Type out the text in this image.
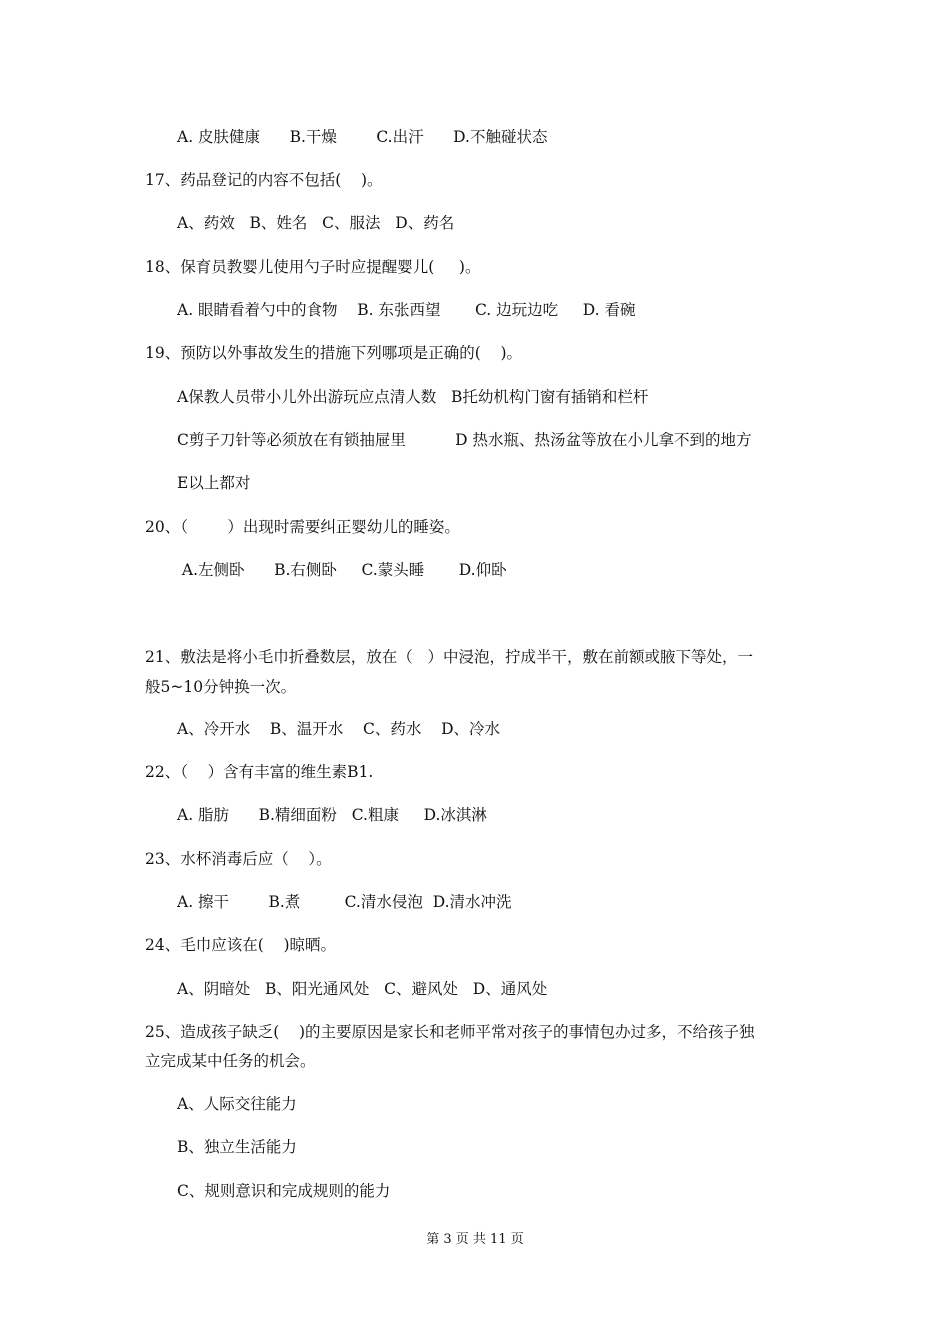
A. 皮肤健康      B.干燥        C.出汗      D.不触碰状态
17、药品登记的内容不包括(    )。
A、药效   B、姓名   C、服法   D、药名
18、保育员教婴儿使用勺子时应提醒婴儿(     )。
A. 眼睛看着勺中的食物    B. 东张西望       C. 边玩边吃     D. 看碗
19、预防以外事故发生的措施下列哪项是正确的(    )。
A保教人员带小儿外出游玩应点清人数   B托幼机构门窗有插销和栏杆
C剪子刀针等必须放在有锁抽屉里          D 热水瓶、热汤盆等放在小儿拿不到的地方
E以上都对
20、（        ）出现时需要纠正婴幼儿的睡姿。
A.左侧卧      B.右侧卧     C.蒙头睡       D.仰卧
21、敷法是将小毛巾折叠数层，放在（   ）中浸泡，拧成半干，敷在前额或腋下等处，一
般5~10分钟换一次。
A、冷开水    B、温开水    C、药水    D、冷水
22、（    ）含有丰富的维生素B1.
A. 脂肪      B.精细面粉   C.粗康     D.冰淇淋
23、水杯消毒后应（    ）。
A. 擦干        B.煮         C.清水侵泡  D.清水冲洗
24、毛巾应该在(    )晾晒。
A、阴暗处   B、阳光通风处   C、避风处   D、通风处
25、造成孩子缺乏(    )的主要原因是家长和老师平常对孩子的事情包办过多，不给孩子独
立完成某中任务的机会。
A、人际交往能力
B、独立生活能力
C、规则意识和完成规则的能力
第 3 页 共 11 页
